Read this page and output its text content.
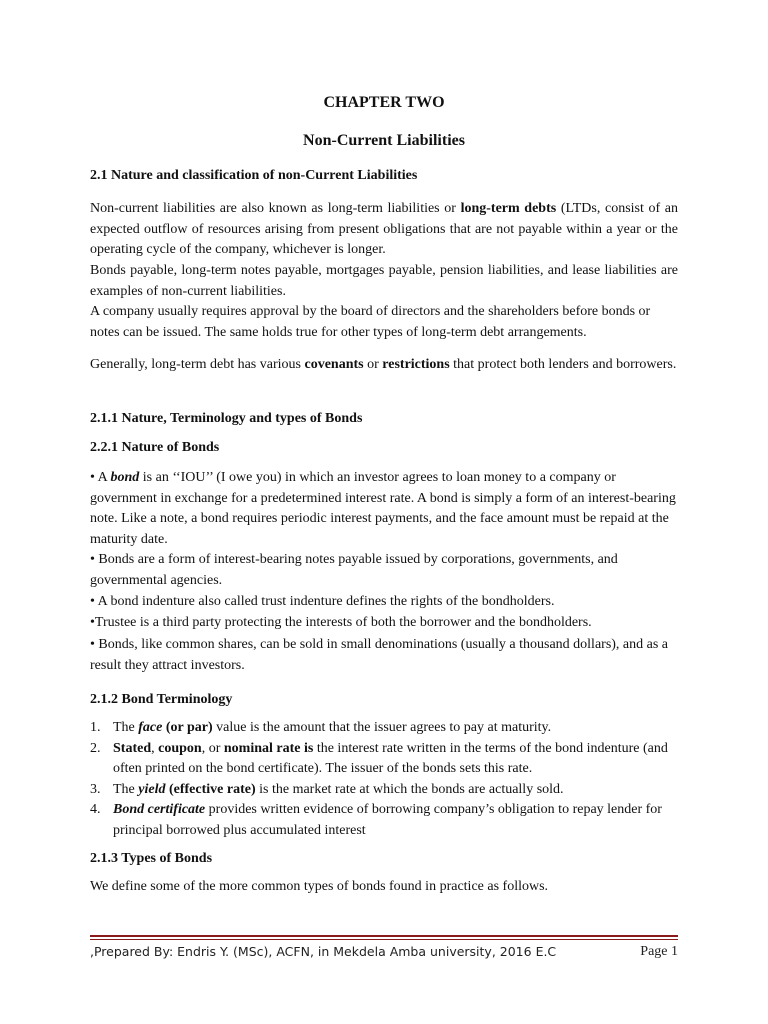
CHAPTER TWO
Non-Current Liabilities
2.1 Nature and classification of non-Current Liabilities

Non-current liabilities are also known as long-term liabilities or long-term debts (LTDs, consist of an expected outflow of resources arising from present obligations that are not payable within a year or the operating cycle of the company, whichever is longer.

Bonds payable, long-term notes payable, mortgages payable, pension liabilities, and lease liabilities are examples of non-current liabilities.

A company usually requires approval by the board of directors and the shareholders before bonds or notes can be issued. The same holds true for other types of long-term debt arrangements.

Generally, long-term debt has various covenants or restrictions that protect both lenders and borrowers.

2.1.1 Nature, Terminology and types of Bonds
2.2.1 Nature of Bonds

• A bond is an ‘‘IOU’’ (I owe you) in which an investor agrees to loan money to a company or government in exchange for a predetermined interest rate. A bond is simply a form of an interest-bearing note. Like a note, a bond requires periodic interest payments, and the face amount must be repaid at the maturity date.

• Bonds are a form of interest-bearing notes payable issued by corporations, governments, and governmental agencies.

• A bond indenture also called trust indenture defines the rights of the bondholders.

•Trustee is a third party protecting the interests of both the borrower and the bondholders.

• Bonds, like common shares, can be sold in small denominations (usually a thousand dollars), and as a result they attract investors.

2.1.2 Bond Terminology
1. The face (or par) value is the amount that the issuer agrees to pay at maturity.
2. Stated, coupon, or nominal rate is the interest rate written in the terms of the bond indenture (and often printed on the bond certificate). The issuer of the bonds sets this rate.
3. The yield (effective rate) is the market rate at which the bonds are actually sold.
4. Bond certificate provides written evidence of borrowing company’s obligation to repay lender for principal borrowed plus accumulated interest
2.1.3 Types of Bonds

We define some of the more common types of bonds found in practice as follows.

,Prepared By: Endris Y. (MSc), ACFN, in Mekdela Amba university, 2016 E.C	Page 1
